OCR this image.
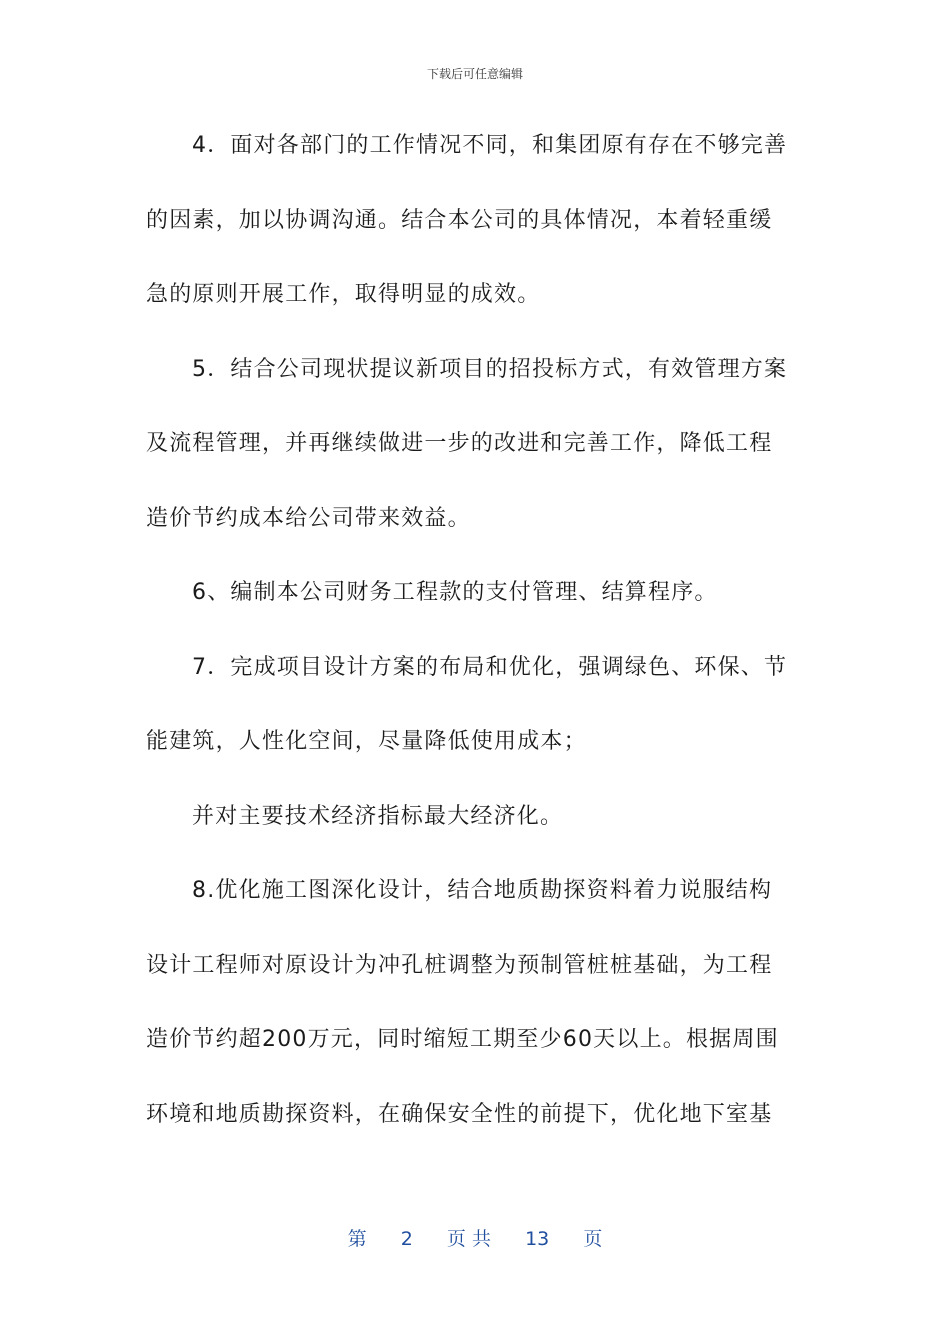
下载后可任意编辑
4．面对各部门的工作情况不同，和集团原有存在不够完善
的因素，加以协调沟通。结合本公司的具体情况，本着轻重缓
急的原则开展工作，取得明显的成效。
5．结合公司现状提议新项目的招投标方式，有效管理方案
及流程管理，并再继续做进一步的改进和完善工作，降低工程
造价节约成本给公司带来效益。
6、编制本公司财务工程款的支付管理、结算程序。
7．完成项目设计方案的布局和优化，强调绿色、环保、节
能建筑，人性化空间，尽量降低使用成本；
并对主要技术经济指标最大经济化。
8.优化施工图深化设计，结合地质勘探资料着力说服结构
设计工程师对原设计为冲孔桩调整为预制管桩桩基础，为工程
造价节约超200万元，同时缩短工期至少60天以上。根据周围
环境和地质勘探资料，在确保安全性的前提下，优化地下室基
第 2 页 共 13 页
